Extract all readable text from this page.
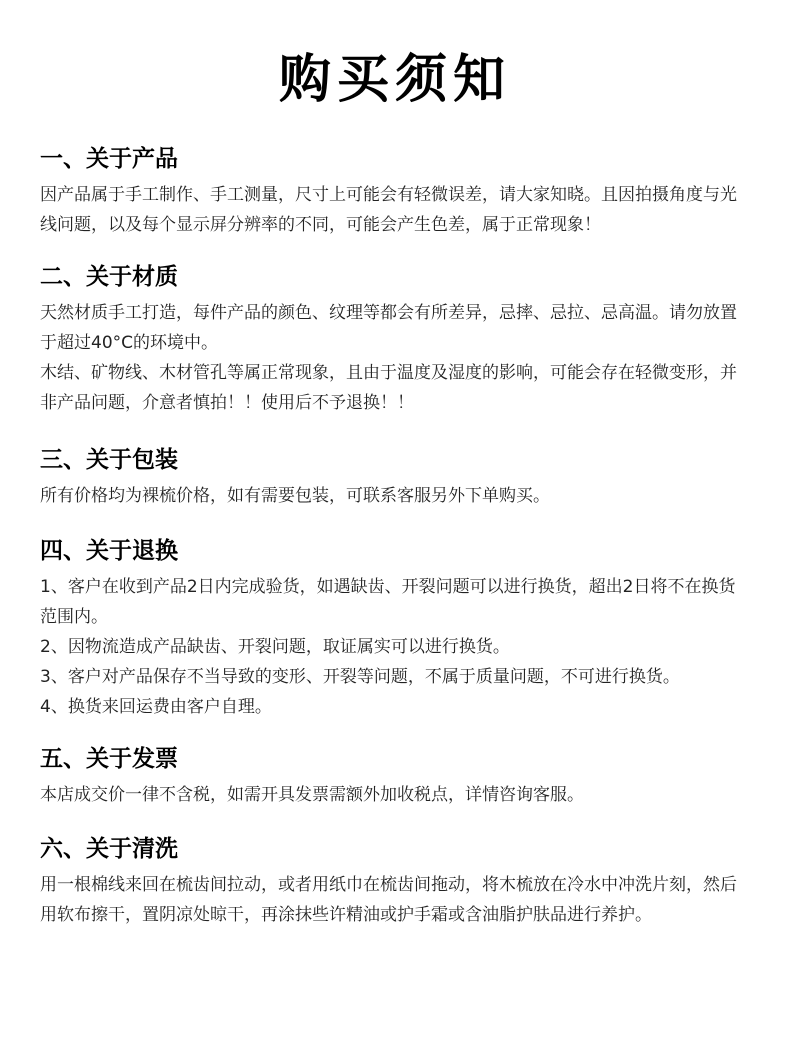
购买须知
一、关于产品

因产品属于手工制作、手工测量，尺寸上可能会有轻微误差，请大家知晓。且因拍摄角度与光线问题，以及每个显示屏分辨率的不同，可能会产生色差，属于正常现象！

二、关于材质

天然材质手工打造，每件产品的颜色、纹理等都会有所差异，忌摔、忌拉、忌高温。请勿放置于超过40°C的环境中。

木结、矿物线、木材管孔等属正常现象，且由于温度及湿度的影响，可能会存在轻微变形，并非产品问题，介意者慎拍！！使用后不予退换！！

三、关于包装

所有价格均为裸梳价格，如有需要包装，可联系客服另外下单购买。

四、关于退换

1、客户在收到产品2日内完成验货，如遇缺齿、开裂问题可以进行换货，超出2日将不在换货范围内。

2、因物流造成产品缺齿、开裂问题，取证属实可以进行换货。

3、客户对产品保存不当导致的变形、开裂等问题，不属于质量问题，不可进行换货。

4、换货来回运费由客户自理。

五、关于发票

本店成交价一律不含税，如需开具发票需额外加收税点，详情咨询客服。

六、关于清洗

用一根棉线来回在梳齿间拉动，或者用纸巾在梳齿间拖动，将木梳放在冷水中冲洗片刻，然后用软布擦干，置阴凉处晾干，再涂抹些许精油或护手霜或含油脂护肤品进行养护。
